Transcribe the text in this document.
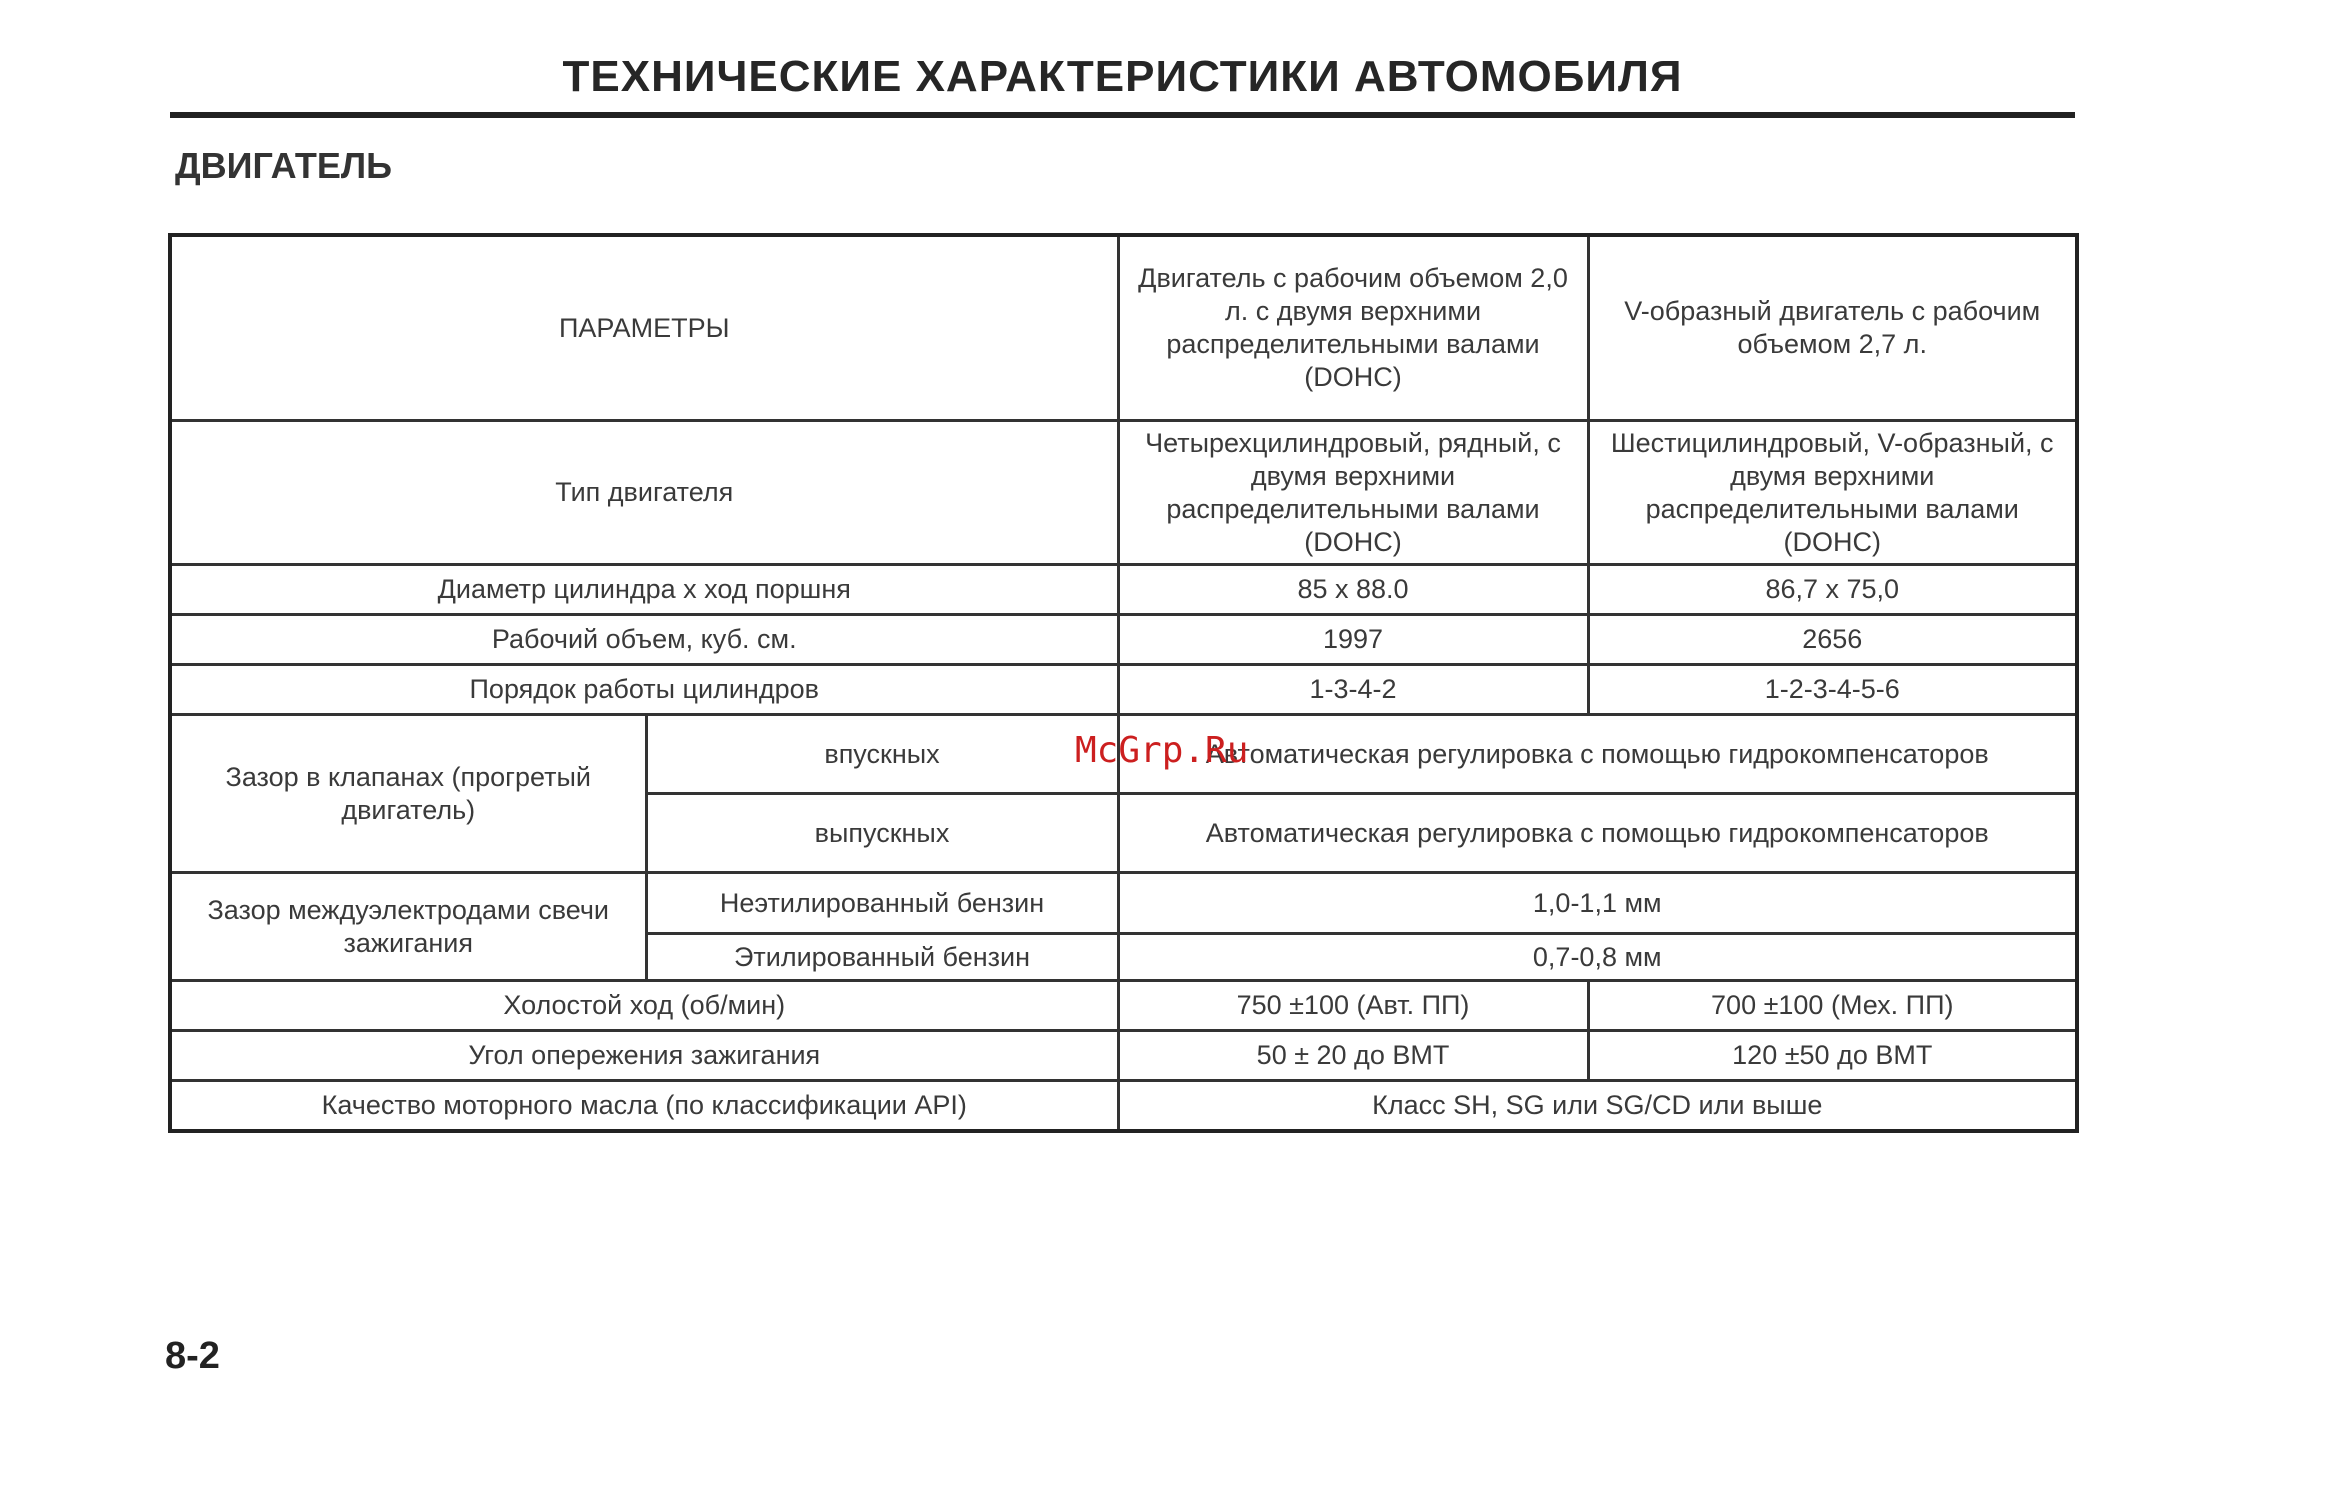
ТЕХНИЧЕСКИЕ ХАРАКТЕРИСТИКИ АВТОМОБИЛЯ
ДВИГАТЕЛЬ
ПАРАМЕТРЫ		Двигатель с рабочим объемом 2,0 л. с двумя верхними распределительными валами (DOHC)	V-образный двигатель с рабочим объемом 2,7 л.
Тип двигателя		Четырехцилиндровый, рядный, с двумя верхними распределительными валами (DOHC)	Шестицилиндровый, V-образный, с двумя верхними распределительными валами (DOHC)
Диаметр цилиндра х ход поршня		85 х 88.0	86,7 х 75,0
Рабочий объем, куб. см.		1997	2656
Порядок работы цилиндров		1-3-4-2	1-2-3-4-5-6
Зазор в клапанах (прогретый двигатель)	впускных	Автоматическая регулировка с помощью гидрокомпенсаторов	
	выпускных	Автоматическая регулировка с помощью гидрокомпенсаторов	
Зазор междуэлектродами свечи зажигания	Неэтилированный бензин	1,0-1,1 мм	
	Этилированный бензин	0,7-0,8 мм	
Холостой ход (об/мин)		750 ±100 (Авт. ПП)	700 ±100 (Мех. ПП)
Угол опережения зажигания		50 ± 20 до ВМТ	120 ±50 до ВМТ
Качество моторного масла (по классификации API)		Класс SH, SG или SG/CD или выше	
McGrp.Ru
8-2
